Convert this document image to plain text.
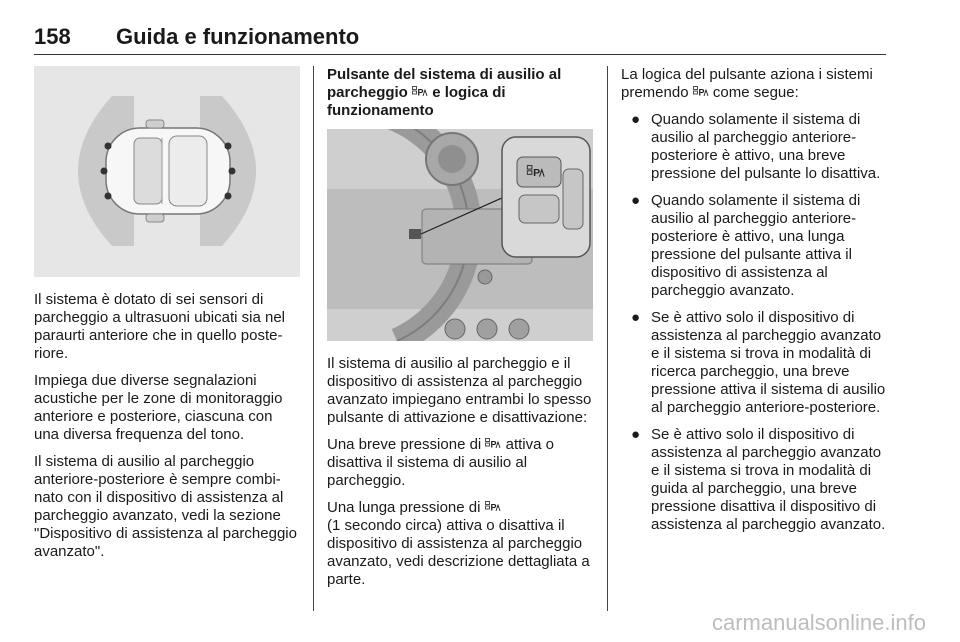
158 Guida e funzionamento

Il sistema è dotato di sei sensori di parcheggio a ultrasuoni ubicati sia nel paraurti anteriore che in quello posteriore.

Impiega due diverse segnalazioni acustiche per le zone di monitoraggio anteriore e posteriore, ciascuna con una diversa frequenza del tono.

Il sistema di ausilio al parcheggio anteriore-posteriore è sempre combinato con il dispositivo di assistenza al parcheggio avanzato, vedi la sezione "Dispositivo di assistenza al parcheggio avanzato".

Pulsante del sistema di ausilio al parcheggio e logica di funzionamento

Il sistema di ausilio al parcheggio e il dispositivo di assistenza al parcheggio avanzato impiegano entrambi lo spesso pulsante di attivazione e disattivazione:

Una breve pressione di attiva o disattiva il sistema di ausilio al parcheggio.

Una lunga pressione di
(1 secondo circa) attiva o disattiva il dispositivo di assistenza al parcheggio avanzato, vedi descrizione dettagliata a parte.

La logica del pulsante aziona i sistemi premendo come segue:

● Quando solamente il sistema di ausilio al parcheggio anteriore-posteriore è attivo, una breve pressione del pulsante lo disattiva.
● Quando solamente il sistema di ausilio al parcheggio anteriore-posteriore è attivo, una lunga pressione del pulsante attiva il dispositivo di assistenza al parcheggio avanzato.
● Se è attivo solo il dispositivo di assistenza al parcheggio avanzato e il sistema si trova in modalità di ricerca parcheggio, una breve pressione attiva il sistema di ausilio al parcheggio anteriore-posteriore.
● Se è attivo solo il dispositivo di assistenza al parcheggio avanzato e il sistema si trova in modalità di guida al parcheggio, una breve pressione disattiva il dispositivo di assistenza al parcheggio avanzato.
carmanualsonline.info
